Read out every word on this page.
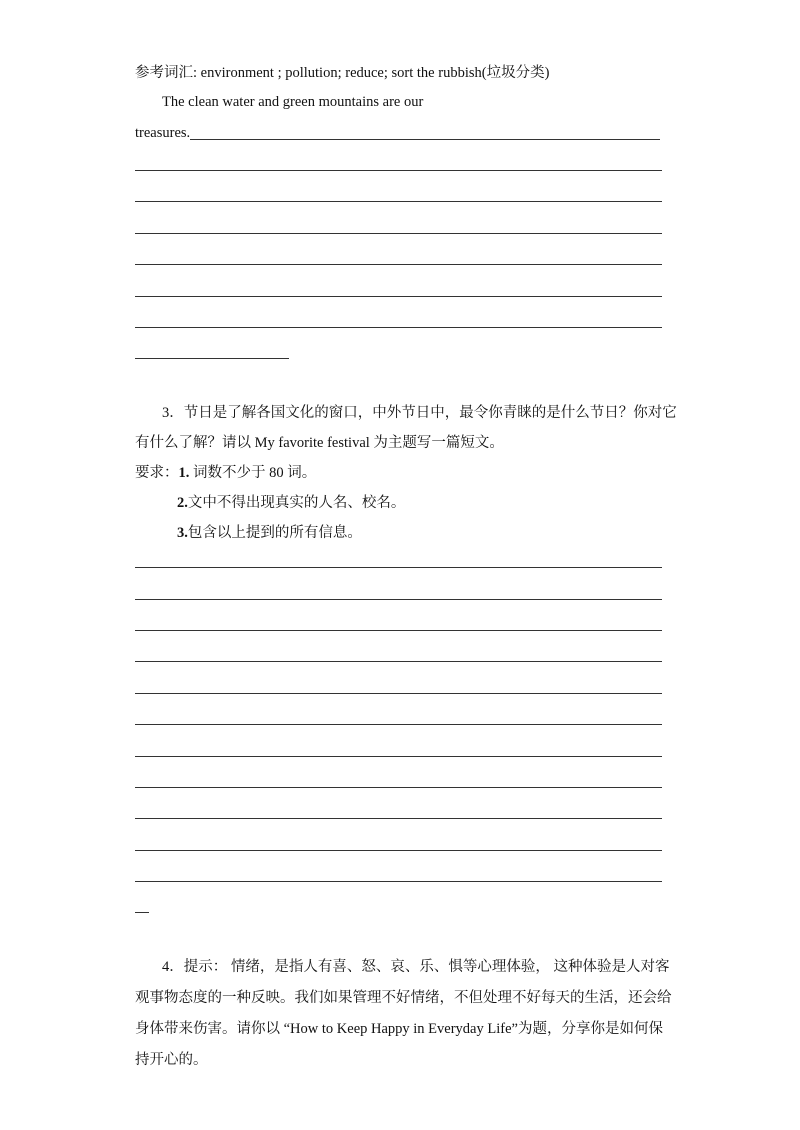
参考词汇: environment ; pollution; reduce; sort the rubbish(垃圾分类)
The clean water and green mountains are our
treasures.
3．节日是了解各国文化的窗口，中外节日中，最令你青睐的是什么节日？你对它
有什么了解？请以 My favorite festival 为主题写一篇短文。
要求：1. 词数不少于 80 词。
2.文中不得出现真实的人名、校名。
3.包含以上提到的所有信息。
4．提示： 情绪，是指人有喜、怒、哀、乐、惧等心理体验， 这种体验是人对客
观事物态度的一种反映。我们如果管理不好情绪，不但处理不好每天的生活，还会给
身体带来伤害。请你以 “How to Keep Happy in Everyday Life”为题，分享你是如何保
持开心的。
